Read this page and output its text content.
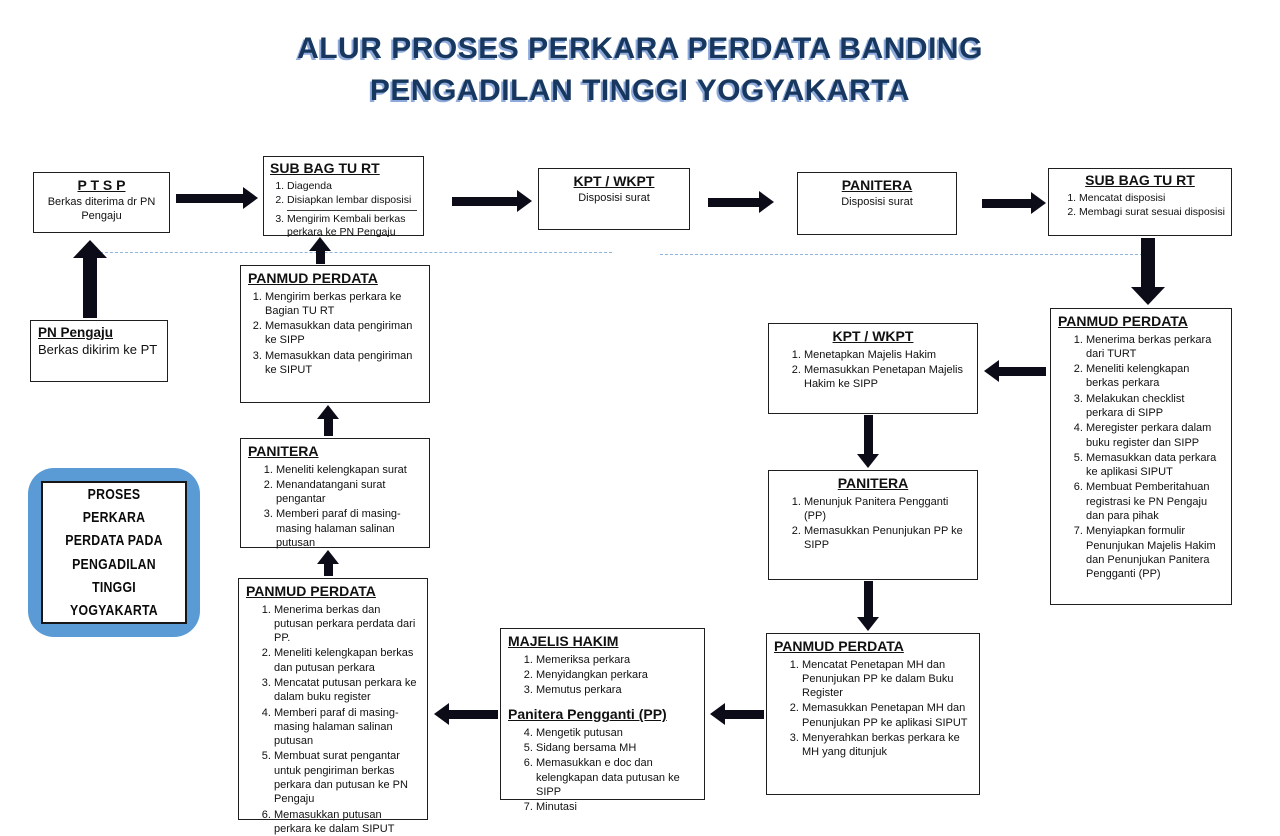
ALUR PROSES PERKARA PERDATA BANDING
PENGADILAN TINGGI YOGYAKARTA
P T S P
Berkas diterima dr PN Pengaju
SUB BAG TU RT
1. Diagenda
2. Disiapkan lembar disposisi
3. Mengirim Kembali berkas perkara ke PN Pengaju
KPT / WKPT
Disposisi surat
PANITERA
Disposisi surat
SUB BAG TU RT
1. Mencatat disposisi
2. Membagi surat sesuai disposisi
PN Pengaju
Berkas dikirim ke PT
PANMUD PERDATA
1. Mengirim berkas perkara ke Bagian TU RT
2. Memasukkan data pengiriman ke SIPP
3. Memasukkan data pengiriman ke SIPUT
PANITERA
1. Meneliti kelengkapan surat
2. Menandatangani surat pengantar
3. Memberi paraf di masing-masing halaman salinan putusan
PROSES PERKARA PERDATA PADA PENGADILAN TINGGI YOGYAKARTA
PANMUD PERDATA
1. Menerima berkas dan putusan perkara perdata dari PP.
2. Meneliti kelengkapan berkas dan putusan perkara
3. Mencatat putusan perkara ke dalam buku register
4. Memberi paraf di masing-masing halaman salinan putusan
5. Membuat surat pengantar untuk pengiriman berkas perkara dan putusan ke PN Pengaju
6. Memasukkan putusan perkara ke dalam SIPUT
MAJELIS HAKIM
1. Memeriksa perkara
2. Menyidangkan perkara
3. Memutus perkara
Panitera Pengganti (PP)
4. Mengetik putusan
5. Sidang bersama MH
6. Memasukkan e doc dan kelengkapan data putusan ke SIPP
7. Minutasi
PANMUD PERDATA
1. Mencatat Penetapan MH dan Penunjukan PP ke dalam Buku Register
2. Memasukkan Penetapan MH dan Penunjukan PP ke aplikasi SIPUT
3. Menyerahkan berkas perkara ke MH yang ditunjuk
PANITERA
1. Menunjuk Panitera Pengganti (PP)
2. Memasukkan Penunjukan PP ke SIPP
KPT / WKPT
1. Menetapkan Majelis Hakim
2. Memasukkan Penetapan Majelis Hakim ke SIPP
PANMUD PERDATA
1. Menerima berkas perkara dari TURT
2. Meneliti kelengkapan berkas perkara
3. Melakukan checklist perkara di SIPP
4. Meregister perkara dalam buku register dan SIPP
5. Memasukkan data perkara ke aplikasi SIPUT
6. Membuat Pemberitahuan registrasi ke PN Pengaju dan para pihak
7. Menyiapkan formulir Penunjukan Majelis Hakim dan Penunjukan Panitera Pengganti (PP)
